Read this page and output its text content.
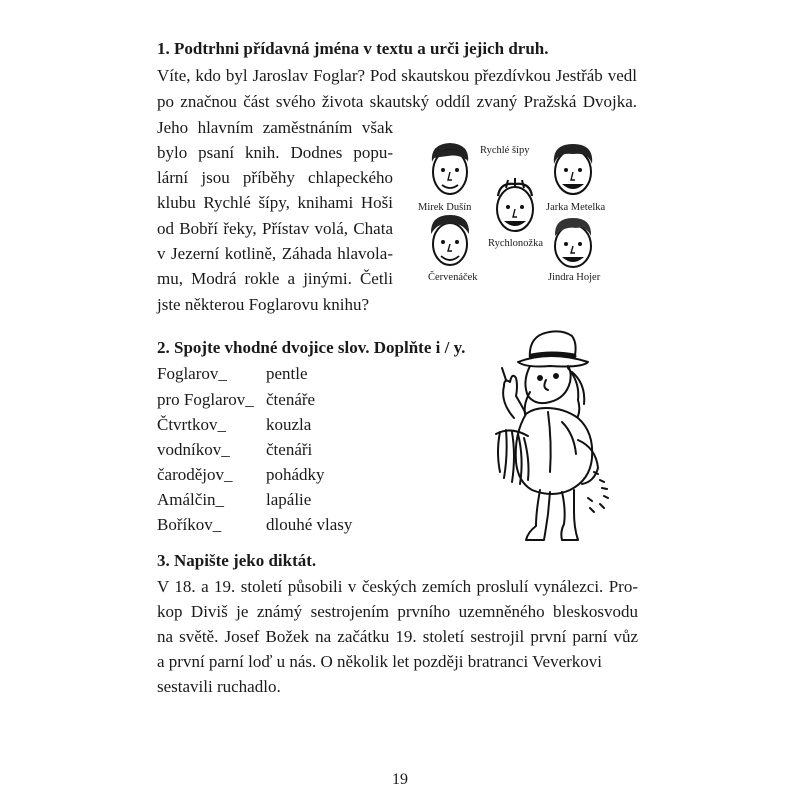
1. Podtrhni přídavná jména v textu a urči jejich druh.
Víte, kdo byl Jaroslav Foglar? Pod skautskou přezdívkou Jestřáb vedl
po značnou část svého života skautský oddíl zvaný Pražská Dvojka.
Jeho hlavním zaměstnáním však
bylo psaní knih. Dodnes popu-
lární jsou příběhy chlapeckého
klubu Rychlé šípy, knihami Hoši
od Bobří řeky, Přístav volá, Chata
v Jezerní kotlině, Záhada hlavola-
mu, Modrá rokle a jinými. Četli
jste některou Foglarovu knihu?
Rychlé šípy
Mirek Dušín	Jarka Metelka
Rychlonožka
Červenáček	Jindra Hojer
2. Spojte vhodné dvojice slov. Doplňte i / y.
Foglarov_ pentle
pro Foglarov_ čtenáře
Čtvrtkov_ kouzla
vodníkov_ čtenáři
čarodějov_ pohádky
Amálčin_ lapálie
Boříkov_	dlouhé vlasy
3. Napište jeko diktát.
V 18. a 19. století působili v českých zemích proslulí vynálezci. Pro-
kop Diviš je známý sestrojením prvního uzemněného bleskosvodu
na světě. Josef Božek na začátku 19. století sestrojil první parní vůz
a první parní loď u nás. O několik let později bratranci Veverkovi
sestavili ruchadlo.
19
